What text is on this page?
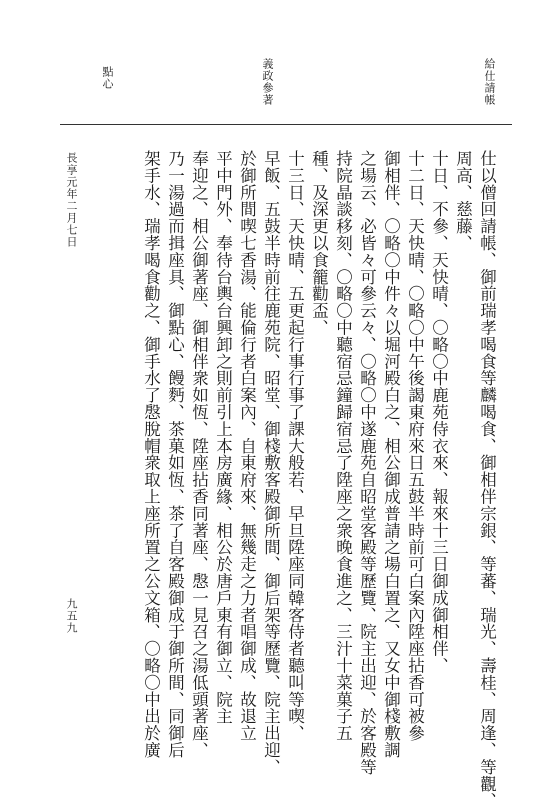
給仕請帳
義政參著
點心
仕以僧回請帳、御前瑞孝喝食等麟喝食、御相伴宗銀、等蕃、瑞光、壽桂、周逢、等觀、
周高、慈藤、
十日、不參、天快晴、〇略〇中鹿苑侍衣來、報來十三日御成御相伴、
十二日、天快晴、〇略〇中午後謁東府來日五鼓半時前可白案內陞座拈香可被參
御相伴、〇略〇中件々以堀河殿白之、相公御成普請之場白置之、又女中御棧敷調
之場云、必皆々可參云々、〇略〇中遂鹿苑自昭堂客殿等歷覽、院主出迎、於客殿等
持院晶談移刻、〇略〇中聽宿忌鐘歸宿忌了陞座之衆晚食進之、三汁十菜菓子五
種、及深更以食籠勸盃、
十三日、天快晴、五更起行事行事了課大般若、早旦陞座同韓客侍者聽叫等喫、
早飯、五鼓半時前往鹿苑院、昭堂、御棧敷客殿御所間、御后架等歷覽、院主出迎、
於御所間喫七香湯、能倫行者白案內、自東府來、無幾走之力者唱御成、故退立
平中門外、奉待台輿台興卸之則前引上本房廣緣、相公於唐戶東有御立、院主
奉迎之、相公御著座、御相伴衆如恆、陞座拈香同著座、慇一見召之湯低頭著座、
乃一湯過而揖座具、御點心、饅麪、茶菓如恆、茶了自客殿御成于御所間、同御后
架手水、瑞孝喝食勸之、御手水了慇脫帽衆取上座所置之公文箱、〇略〇中出於廣
長享元年二月七日
九五九
